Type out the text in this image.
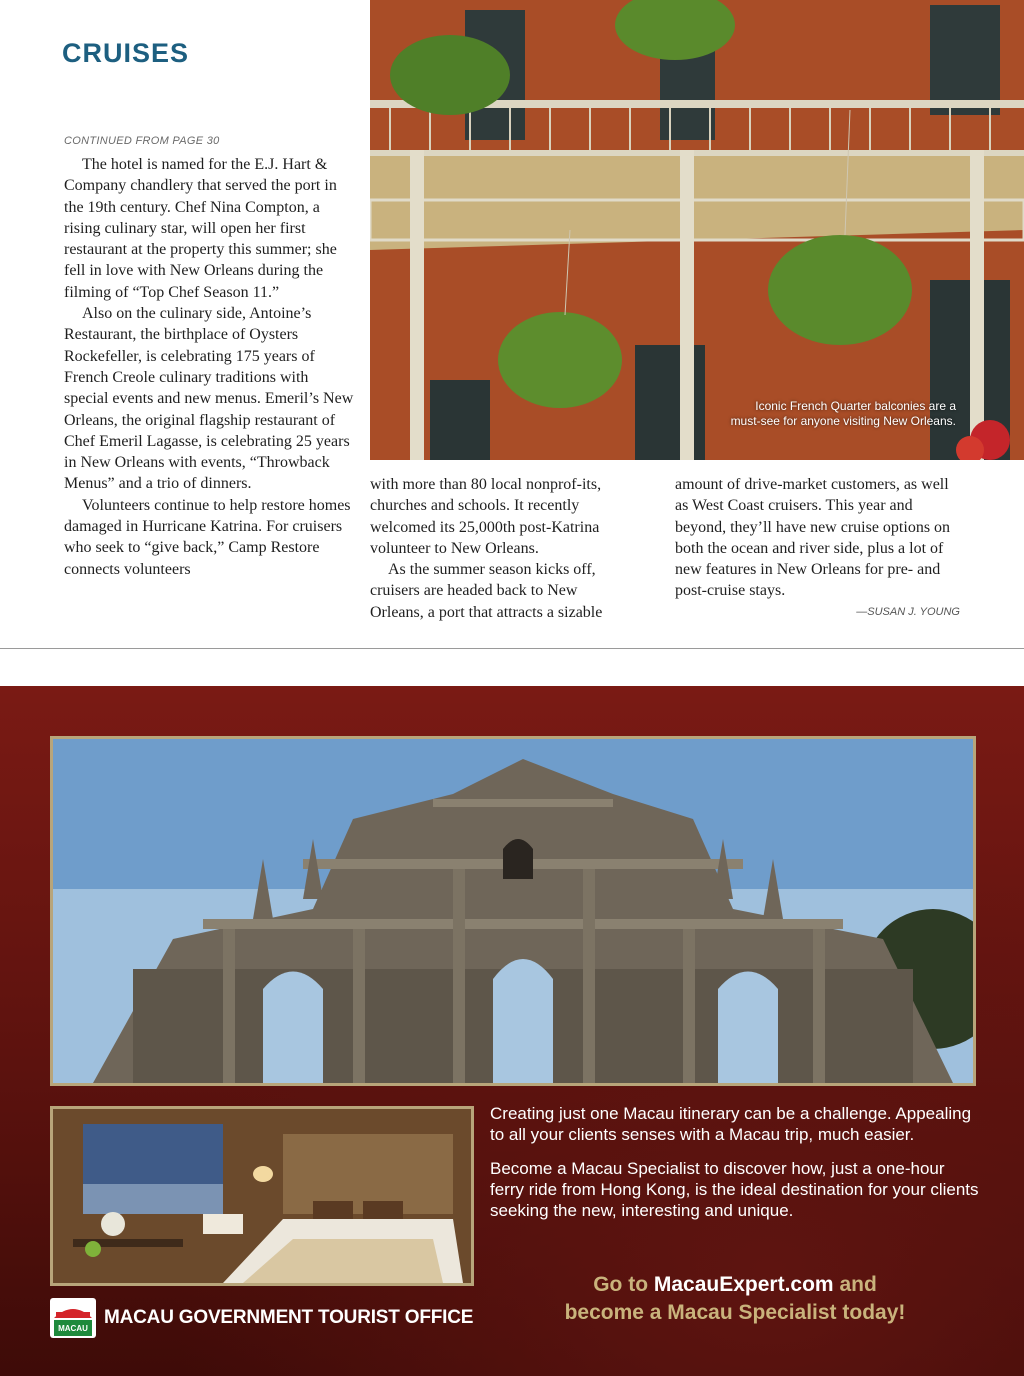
CRUISES
CONTINUED FROM PAGE 30

The hotel is named for the E.J. Hart & Company chandlery that served the port in the 19th century. Chef Nina Compton, a rising culinary star, will open her first restaurant at the property this summer; she fell in love with New Orleans during the filming of “Top Chef Season 11.”

Also on the culinary side, Antoine’s Restaurant, the birthplace of Oysters Rockefeller, is celebrating 175 years of French Creole culinary traditions with special events and new menus. Emeril’s New Orleans, the original flagship restaurant of Chef Emeril Lagasse, is celebrating 25 years in New Orleans with events, “Throwback Menus” and a trio of dinners.

Volunteers continue to help restore homes damaged in Hurricane Katrina. For cruisers who seek to “give back,” Camp Restore connects volunteers

Iconic French Quarter balconies are a must-see for anyone visiting New Orleans.

with more than 80 local nonprof-its, churches and schools. It recently welcomed its 25,000th post-Katrina volunteer to New Orleans.

As the summer season kicks off, cruisers are headed back to New Orleans, a port that attracts a sizable

amount of drive-market customers, as well as West Coast cruisers. This year and beyond, they’ll have new cruise options on both the ocean and river side, plus a lot of new features in New Orleans for pre- and post-cruise stays.

—SUSAN J. YOUNG

Creating just one Macau itinerary can be a challenge. Appealing to all your clients senses with a Macau trip, much easier.

Become a Macau Specialist to discover how, just a one-hour ferry ride from Hong Kong, is the ideal destination for your clients seeking the new, interesting and unique.

Go to MacauExpert.com and
become a Macau Specialist today!
MACAU
MACAU GOVERNMENT TOURIST OFFICE
